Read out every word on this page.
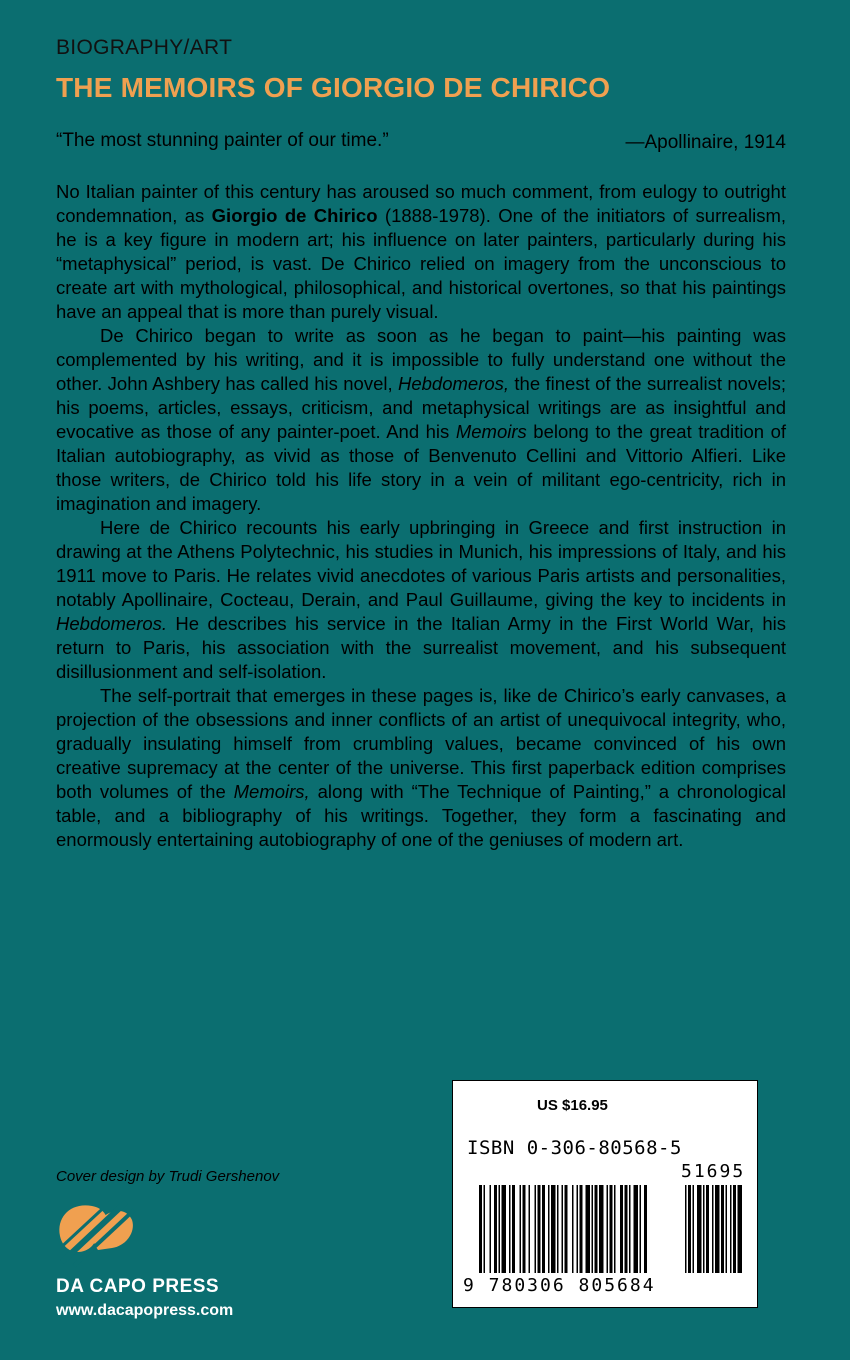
BIOGRAPHY/ART
THE MEMOIRS OF GIORGIO DE CHIRICO
“The most stunning painter of our time.”	—Apollinaire, 1914

No Italian painter of this century has aroused so much comment, from eulogy to outright condemnation, as Giorgio de Chirico (1888-1978). One of the initiators of surrealism, he is a key figure in modern art; his influence on later painters, particularly during his “metaphysical” period, is vast. De Chirico relied on imagery from the unconscious to create art with mythological, philosophical, and historical overtones, so that his paintings have an appeal that is more than purely visual.

De Chirico began to write as soon as he began to paint—his painting was complemented by his writing, and it is impossible to fully understand one without the other. John Ashbery has called his novel, Hebdomeros, the finest of the surrealist novels; his poems, articles, essays, criticism, and metaphysical writings are as insightful and evocative as those of any painter-poet. And his Memoirs belong to the great tradition of Italian autobiography, as vivid as those of Benvenuto Cellini and Vittorio Alfieri. Like those writers, de Chirico told his life story in a vein of militant ego-centricity, rich in imagination and imagery.

Here de Chirico recounts his early upbringing in Greece and first instruction in drawing at the Athens Polytechnic, his studies in Munich, his impressions of Italy, and his 1911 move to Paris. He relates vivid anecdotes of various Paris artists and personalities, notably Apollinaire, Cocteau, Derain, and Paul Guillaume, giving the key to incidents in Hebdomeros. He describes his service in the Italian Army in the First World War, his return to Paris, his association with the surrealist movement, and his subsequent disillusionment and self-isolation.

The self-portrait that emerges in these pages is, like de Chirico’s early canvases, a projection of the obsessions and inner conflicts of an artist of unequivocal integrity, who, gradually insulating himself from crumbling values, became convinced of his own creative supremacy at the center of the universe. This first paperback edition comprises both volumes of the Memoirs, along with “The Technique of Painting,” a chronological table, and a bibliography of his writings. Together, they form a fascinating and enormously entertaining autobiography of one of the geniuses of modern art.

Cover design by Trudi Gershenov
DA CAPO PRESS
www.dacapopress.com
US $16.95
ISBN 0-306-80568-5
51695
9 780306 805684
